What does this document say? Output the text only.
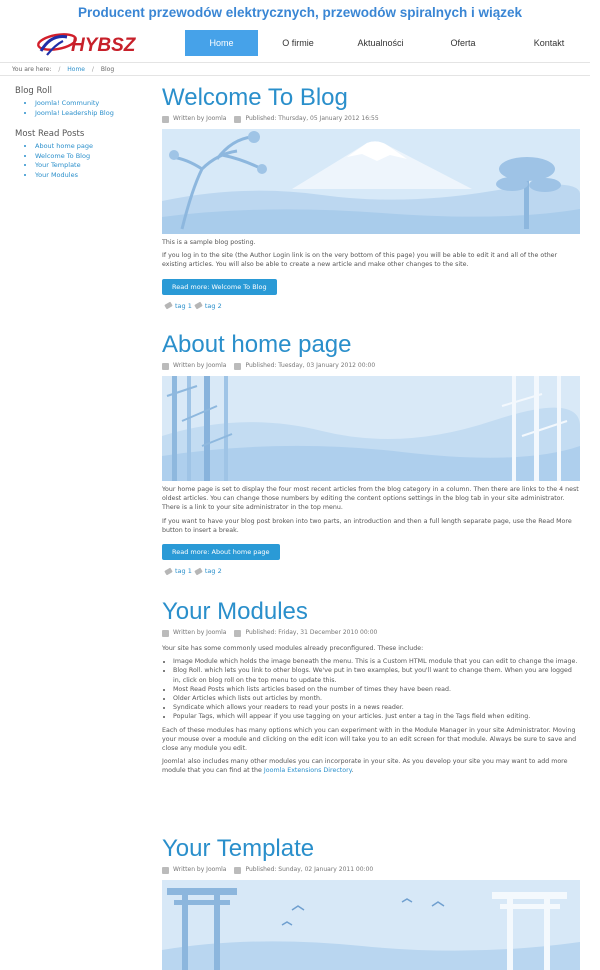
Producent przewodów elektrycznych, przewodów spiralnych i wiązek
HYBSZ	Home	O firmie	Aktualności	Oferta	Kontakt
You are here: / Home / Blog
Blog Roll
• Joomla! Community
• Joomla! Leadership Blog
Most Read Posts
• About home page
• Welcome To Blog
• Your Template
• Your Modules
Welcome To Blog
Written by Joomla	Published: Thursday, 05 January 2012 16:55

This is a sample blog posting.

If you log in to the site (the Author Login link is on the very bottom of this page) you will be able to edit it and all of the other existing articles. You will also be able to create a new article and make other changes to the site.

Read more: Welcome To Blog
tag 1 tag 2
About home page
Written by Joomla	Published: Tuesday, 03 January 2012 00:00

Your home page is set to display the four most recent articles from the blog category in a column. Then there are links to the 4 nest oldest articles. You can change those numbers by editing the content options settings in the blog tab in your site administrator. There is a link to your site administrator in the top menu.

If you want to have your blog post broken into two parts, an introduction and then a full length separate page, use the Read More button to insert a break.

Read more: About home page
tag 1 tag 2
Your Modules
Written by Joomla	Published: Friday, 31 December 2010 00:00

Your site has some commonly used modules already preconfigured. These include:

• Image Module which holds the image beneath the menu. This is a Custom HTML module that you can edit to change the image.
• Blog Roll. which lets you link to other blogs. We've put in two examples, but you'll want to change them. When you are logged in, click on blog roll on the top menu to update this.
• Most Read Posts which lists articles based on the number of times they have been read.
• Older Articles which lists out articles by month.
• Syndicate which allows your readers to read your posts in a news reader.
• Popular Tags, which will appear if you use tagging on your articles. Just enter a tag in the Tags field when editing.

Each of these modules has many options which you can experiment with in the Module Manager in your site Administrator. Moving your mouse over a module and clicking on the edit icon will take you to an edit screen for that module. Always be sure to save and close any module you edit.

Joomla! also includes many other modules you can incorporate in your site. As you develop your site you may want to add more module that you can find at the Joomla Extensions Directory.

Your Template
Written by Joomla	Published: Sunday, 02 January 2011 00:00
